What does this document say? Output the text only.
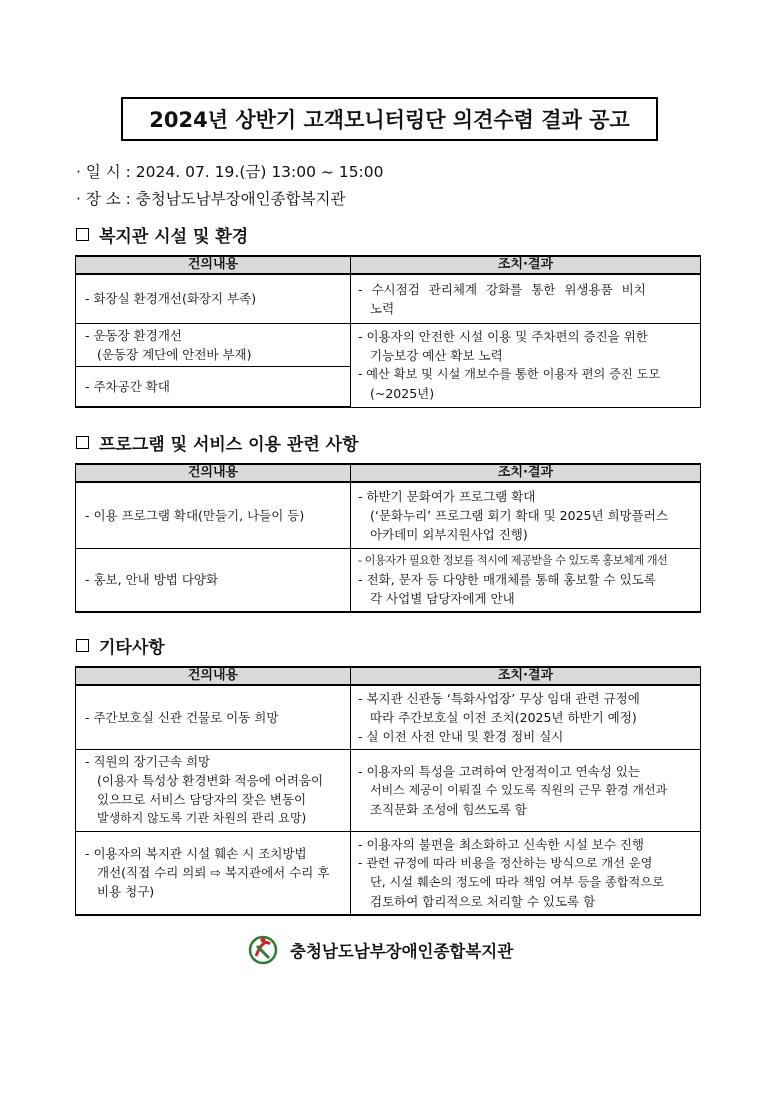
2024년 상반기 고객모니터링단 의견수렴 결과 공고
· 일 시 : 2024. 07. 19.(금) 13:00 ~ 15:00
· 장 소 : 충청남도남부장애인종합복지관
복지관 시설 및 환경
건의내용	조치·결과

- 화장실 환경개선(화장지 부족)	- 수시점검 관리체계 강화를 통한 위생용품 비치
노력

- 운동장 환경개선
(운동장 계단에 안전바 부재)	- 이용자의 안전한 시설 이용 및 주차편의 증진을 위한
기능보강 예산 확보 노력
- 예산 확보 및 시설 개보수를 통한 이용자 편의 증진 도모
(~2025년)

- 주차공간 확대	
프로그램 및 서비스 이용 관련 사항
건의내용	조치·결과

- 이용 프로그램 확대(만들기, 나들이 등)	- 하반기 문화여가 프로그램 확대
(‘문화누리’ 프로그램 회기 확대 및 2025년 희망플러스
아카데미 외부지원사업 진행)

- 홍보, 안내 방법 다양화	- 이용자가 필요한 정보를 적시에 제공받을 수 있도록 홍보체계 개선
- 전화, 문자 등 다양한 매개체를 통해 홍보할 수 있도록
각 사업별 담당자에게 안내
기타사항
건의내용	조치·결과

- 주간보호실 신관 건물로 이동 희망	- 복지관 신관동 ‘특화사업장’ 무상 임대 관련 규정에
따라 주간보호실 이전 조치(2025년 하반기 예정)
- 실 이전 사전 안내 및 환경 정비 실시

- 직원의 장기근속 희망
(이용자 특성상 환경변화 적응에 어려움이
있으므로 서비스 담당자의 잦은 변동이
발생하지 않도록 기관 차원의 관리 요망)	- 이용자의 특성을 고려하여 안정적이고 연속성 있는
서비스 제공이 이뤄질 수 있도록 직원의 근무 환경 개선과
조직문화 조성에 힘쓰도록 함

- 이용자의 복지관 시설 훼손 시 조치방법
개선(직접 수리 의뢰 ⇨ 복지관에서 수리 후
비용 청구)	- 이용자의 불편을 최소화하고 신속한 시설 보수 진행
- 관련 규정에 따라 비용을 정산하는 방식으로 개선 운영
단, 시설 훼손의 정도에 따라 책임 여부 등을 종합적으로
검토하여 합리적으로 처리할 수 있도록 함
충청남도남부장애인종합복지관
